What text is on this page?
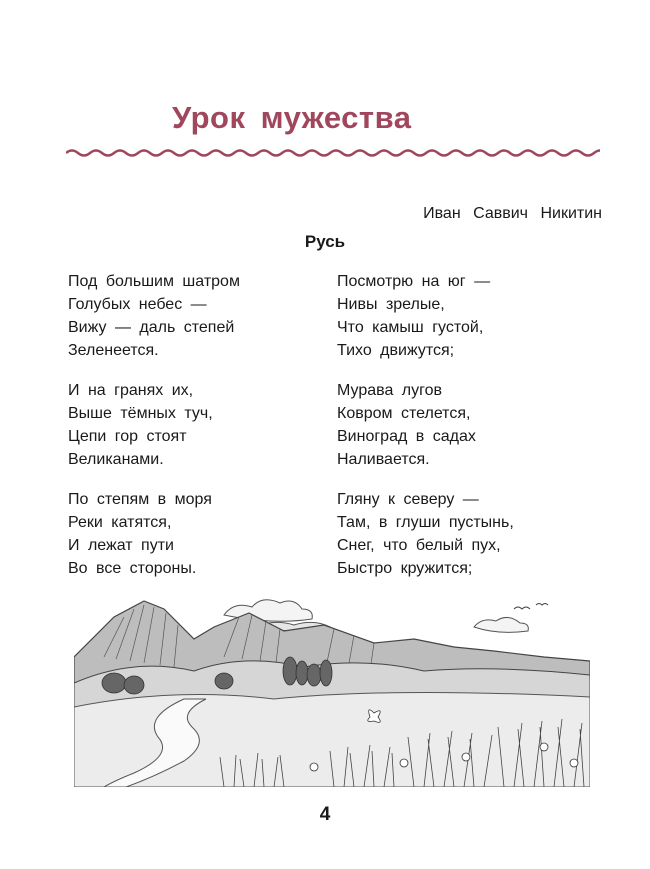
Урок мужества
Иван Саввич Никитин
Русь
Под большим шатром
Голубых небес —
Вижу — даль степей
Зеленеется.
И на гранях их,
Выше тёмных туч,
Цепи гор стоят
Великанами.
По степям в моря
Реки катятся,
И лежат пути
Во все стороны.
Посмотрю на юг —
Нивы зрелые,
Что камыш густой,
Тихо движутся;
Мурава лугов
Ковром стелется,
Виноград в садах
Наливается.
Гляну к северу —
Там, в глуши пустынь,
Снег, что белый пух,
Быстро кружится;
4
